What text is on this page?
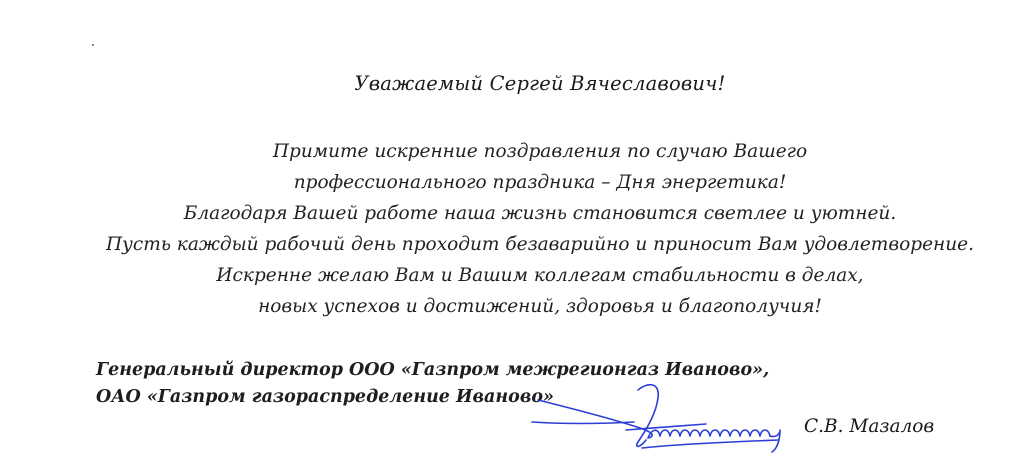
Уважаемый Сергей Вячеславович!
Примите искренние поздравления по случаю Вашего
профессионального праздника – Дня энергетика!
Благодаря Вашей работе наша жизнь становится светлее и уютней.
Пусть каждый рабочий день проходит безаварийно и приносит Вам удовлетворение.
Искренне желаю Вам и Вашим коллегам стабильности в делах,
новых успехов и достижений, здоровья и благополучия!
Генеральный директор ООО «Газпром межрегионгаз Иваново»,
ОАО «Газпром газораспределение Иваново»
С.В. Мазалов
